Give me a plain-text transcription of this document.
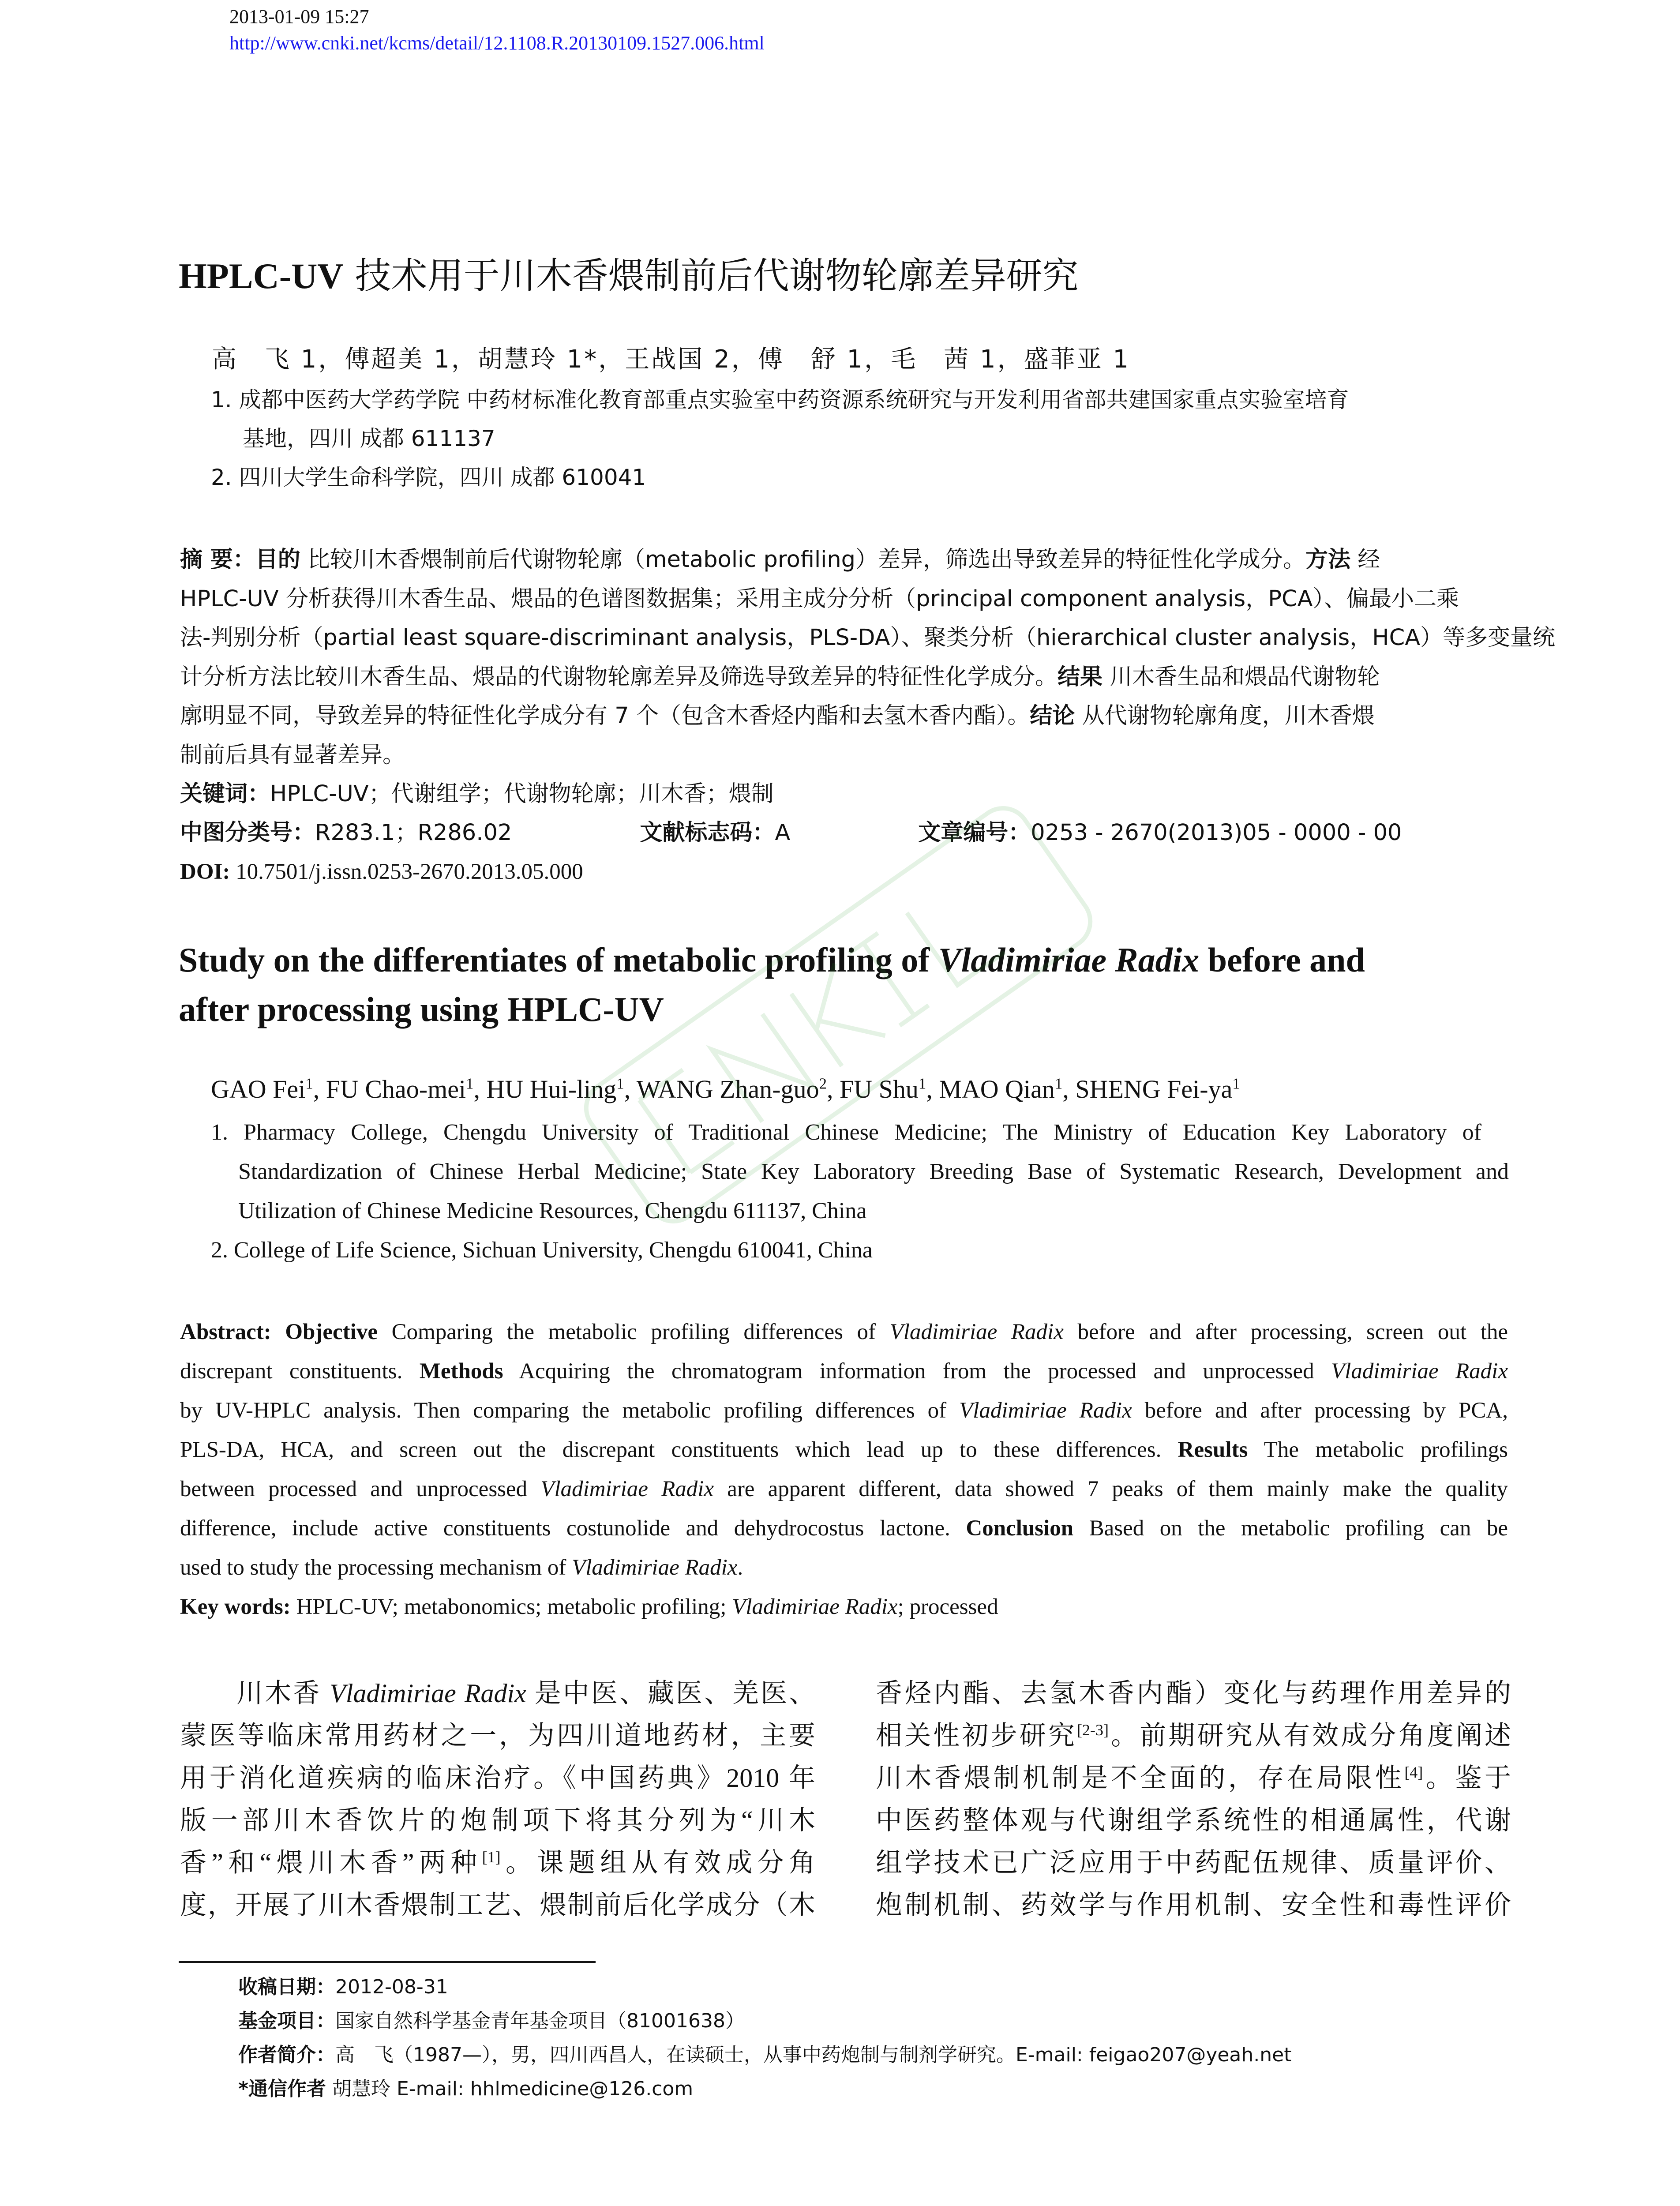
2013-01-09 15:27
http://www.cnki.net/kcms/detail/12.1108.R.20130109.1527.006.html
HPLC-UV 技术用于川木香煨制前后代谢物轮廓差异研究
高　飞 1，傅超美 1，胡慧玲 1*，王战国 2，傅　舒 1，毛　茜 1，盛菲亚 1
1. 成都中医药大学药学院 中药材标准化教育部重点实验室中药资源系统研究与开发利用省部共建国家重点实验室培育
基地，四川 成都 611137
2. 四川大学生命科学院，四川 成都 610041
摘 要：目的 比较川木香煨制前后代谢物轮廓（metabolic profiling）差异，筛选出导致差异的特征性化学成分。方法 经
HPLC-UV 分析获得川木香生品、煨品的色谱图数据集；采用主成分分析（principal component analysis，PCA）、偏最小二乘
法-判别分析（partial least square-discriminant analysis，PLS-DA）、聚类分析（hierarchical cluster analysis，HCA）等多变量统
计分析方法比较川木香生品、煨品的代谢物轮廓差异及筛选导致差异的特征性化学成分。结果 川木香生品和煨品代谢物轮
廓明显不同，导致差异的特征性化学成分有 7 个（包含木香烃内酯和去氢木香内酯）。结论 从代谢物轮廓角度，川木香煨
制前后具有显著差异。
关键词：HPLC-UV；代谢组学；代谢物轮廓；川木香；煨制
中图分类号：R283.1；R286.02	文献标志码：A	文章编号：0253 - 2670(2013)05 - 0000 - 00
DOI: 10.7501/j.issn.0253-2670.2013.05.000
Study on the differentiates of metabolic profiling of Vladimiriae Radix before and
after processing using HPLC-UV
GAO Fei$^1$, FU Chao-mei$^1$, HU Hui-ling$^1$, WANG Zhan-guo$^2$, FU Shu$^1$, MAO Qian$^1$, SHENG Fei-$ya^1$
1. Pharmacy College, Chengdu University of Traditional Chinese Medicine; The Ministry of Education Key Laboratory of
Standardization of Chinese Herbal Medicine; State Key Laboratory Breeding Base of Systematic Research, Development and
Utilization of Chinese Medicine Resources, Chengdu 611137, China
2. College of Life Science, Sichuan University, Chengdu 610041, China
Abstract: Objective Comparing the metabolic profiling differences of Vladimiriae Radix before and after processing, screen out the
discrepant constituents. Methods Acquiring the chromatogram information from the processed and unprocessed Vladimiriae Radix
by UV-HPLC analysis. Then comparing the metabolic profiling differences of Vladimiriae Radix before and after processing by PCA,
PLS-DA, HCA, and screen out the discrepant constituents which lead up to these differences. Results The metabolic profilings
between processed and unprocessed Vladimiriae Radix are apparent different, data showed 7 peaks of them mainly make the quality
difference, include active constituents costunolide and dehydrocostus lactone. Conclusion Based on the metabolic profiling can be
used to study the processing mechanism of Vladimiriae Radix.
Key words: HPLC-UV; metabonomics; metabolic profiling; Vladimiriae Radix; processed
　　川木香 Vladimiriae Radix 是中医、藏医、羌医、
蒙医等临床常用药材之一，为四川道地药材，主要
用于消化道疾病的临床治疗。《中国药典》2010 年
版一部川木香饮片的炮制项下将其分列为“川木
香”和“煨川木香”两种[1]。课题组从有效成分角
度，开展了川木香煨制工艺、煨制前后化学成分（木
香烃内酯、去氢木香内酯）变化与药理作用差异的
相关性初步研究[2-3]。前期研究从有效成分角度阐述
川木香煨制机制是不全面的，存在局限性[4]。鉴于
中医药整体观与代谢组学系统性的相通属性，代谢
组学技术已广泛应用于中药配伍规律、质量评价、
炮制机制、药效学与作用机制、安全性和毒性评价
收稿日期：2012-08-31
基金项目：国家自然科学基金青年基金项目（81001638）
作者简介：高　飞（1987—），男，四川西昌人，在读硕士，从事中药炮制与制剂学研究。E-mail: feigao207@yeah.net
*通信作者 胡慧玲 E-mail: hhlmedicine@126.com
